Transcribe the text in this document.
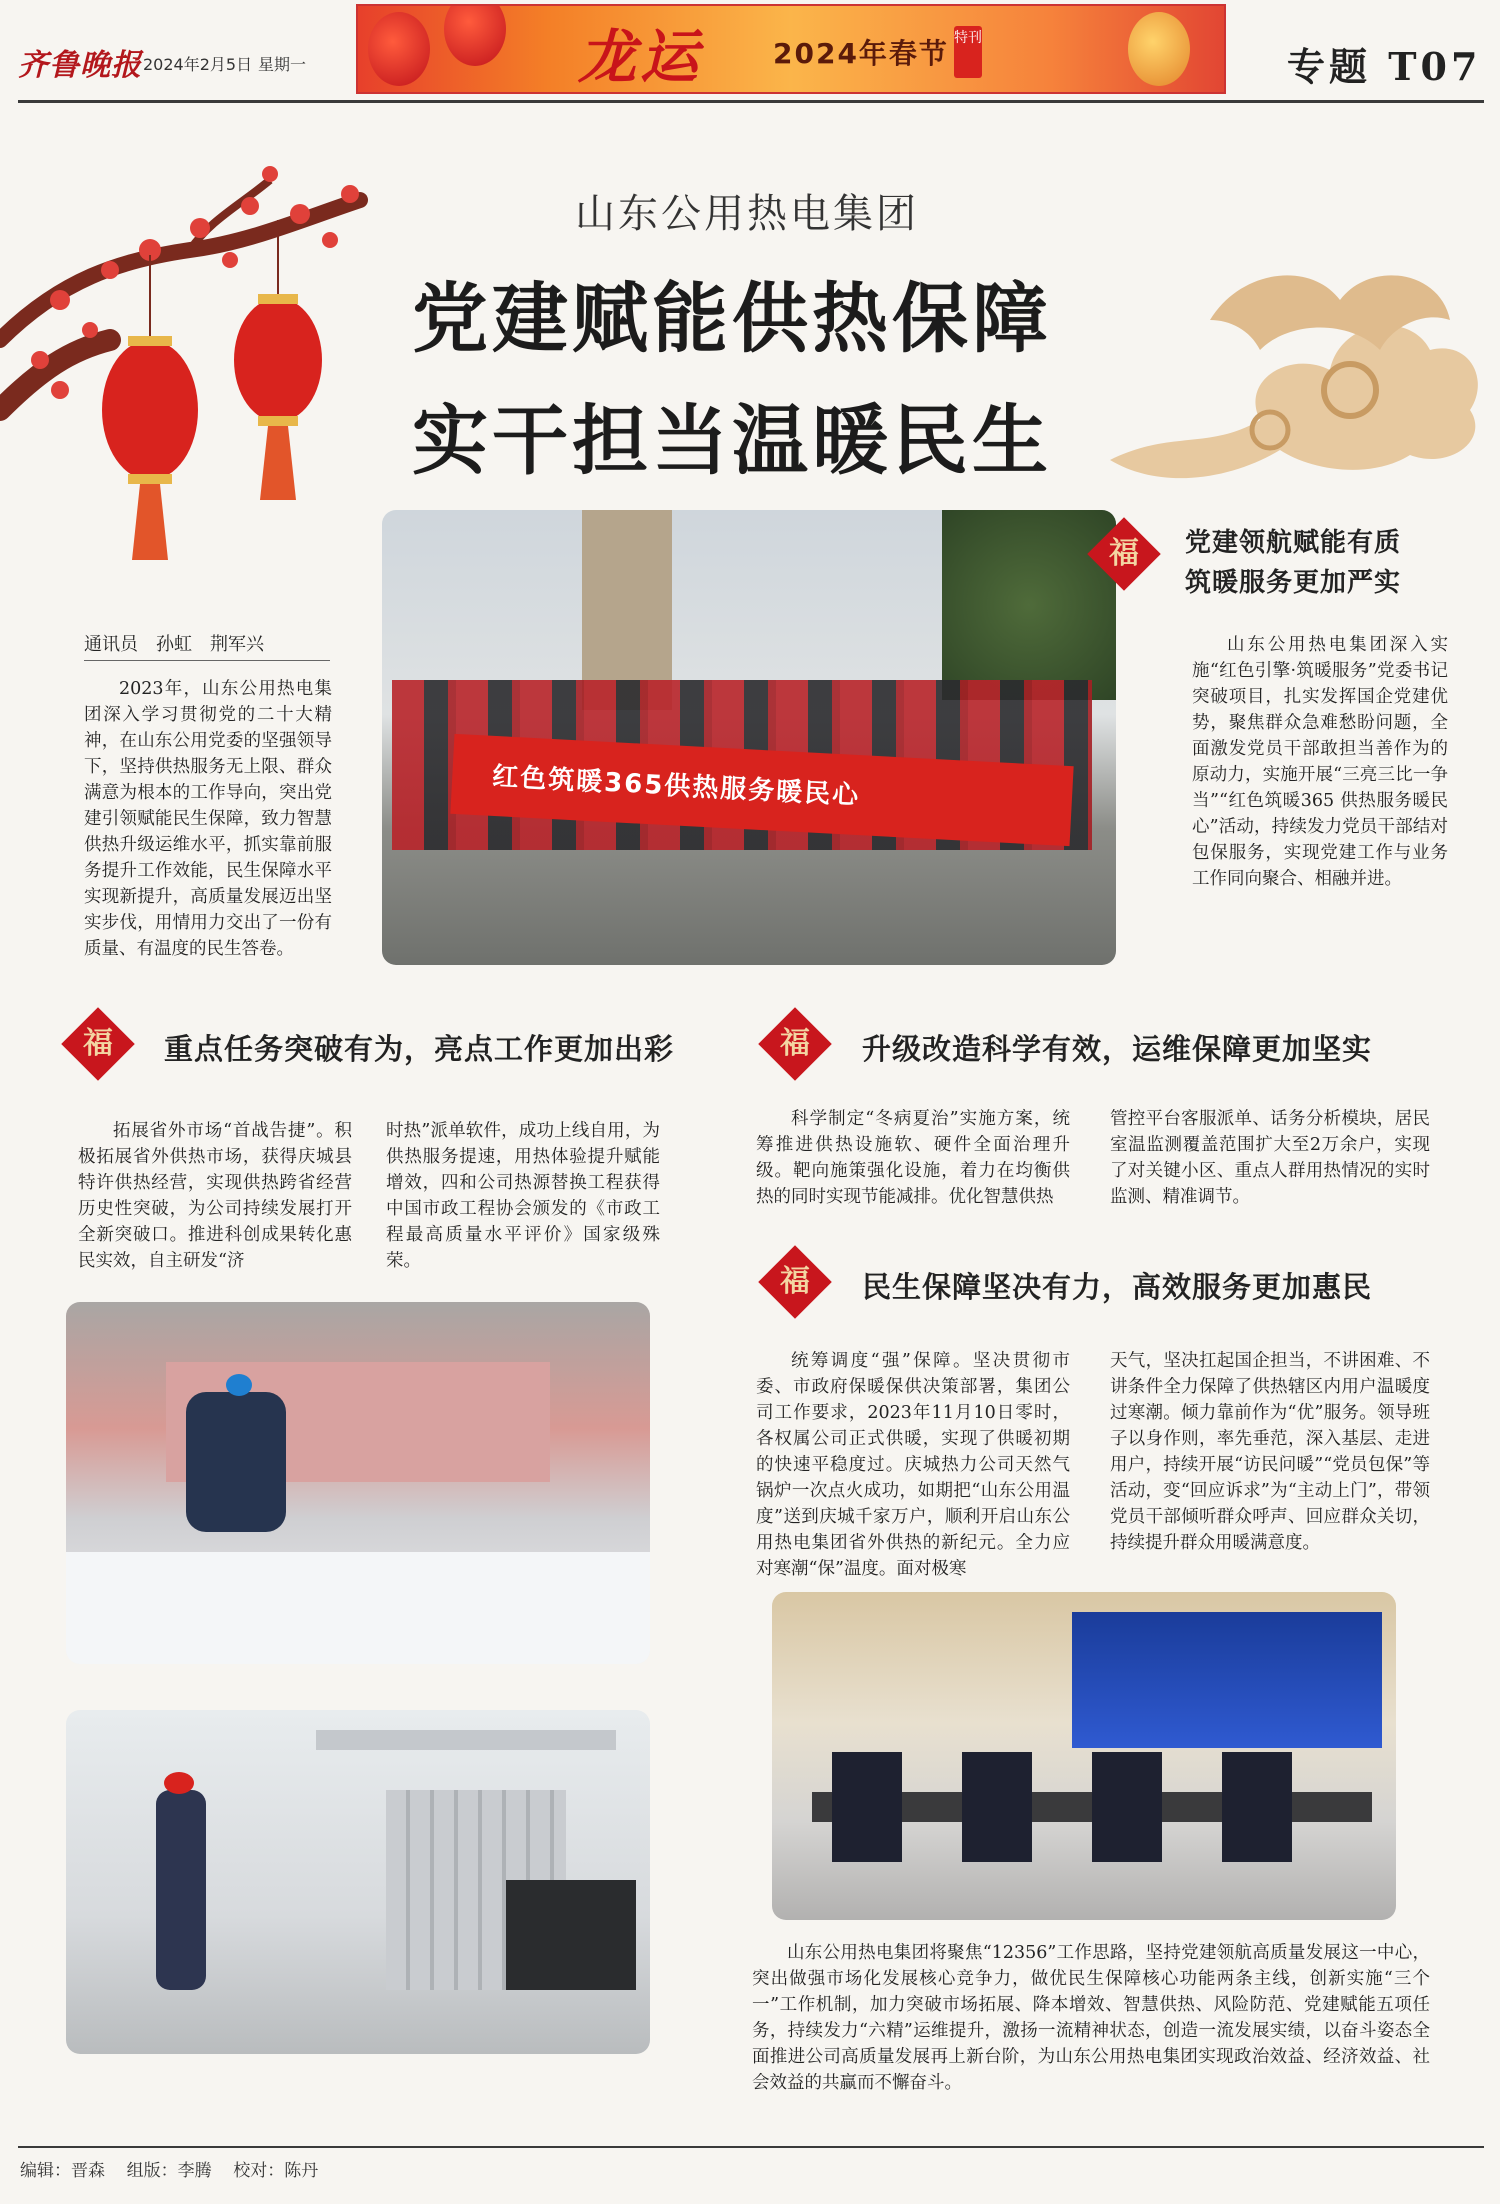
齐鲁晚报 2024年2月5日 星期一	龙运	2024年春节 特刊
专题 T07
山东公用热电集团
党建赋能供热保障
实干担当温暖民生
通讯员　孙虹　荆军兴
2023年，山东公用热电集团深入学习贯彻党的二十大精神，在山东公用党委的坚强领导下，坚持供热服务无上限、群众满意为根本的工作导向，突出党建引领赋能民生保障，致力智慧供热升级运维水平，抓实靠前服务提升工作效能，民生保障水平实现新提升，高质量发展迈出坚实步伐，用情用力交出了一份有质量、有温度的民生答卷。
红色筑暖365供热服务暖民心
福	党建领航赋能有质
筑暖服务更加严实
山东公用热电集团深入实施“红色引擎·筑暖服务”党委书记突破项目，扎实发挥国企党建优势，聚焦群众急难愁盼问题，全面激发党员干部敢担当善作为的原动力，实施开展“三亮三比一争当”“红色筑暖365 供热服务暖民心”活动，持续发力党员干部结对包保服务，实现党建工作与业务工作同向聚合、相融并进。
福	重点任务突破有为，亮点工作更加出彩
拓展省外市场“首战告捷”。积极拓展省外供热市场，获得庆城县特许供热经营，实现供热跨省经营历史性突破，为公司持续发展打开全新突破口。推进科创成果转化惠民实效，自主研发“济
时热”派单软件，成功上线自用，为供热服务提速，用热体验提升赋能增效，四和公司热源替换工程获得中国市政工程协会颁发的《市政工程最高质量水平评价》国家级殊荣。
福	升级改造科学有效，运维保障更加坚实
科学制定“冬病夏治”实施方案，统筹推进供热设施软、硬件全面治理升级。靶向施策强化设施，着力在均衡供热的同时实现节能减排。优化智慧供热
管控平台客服派单、话务分析模块，居民室温监测覆盖范围扩大至2万余户，实现了对关键小区、重点人群用热情况的实时监测、精准调节。
福	民生保障坚决有力，高效服务更加惠民
统筹调度“强”保障。坚决贯彻市委、市政府保暖保供决策部署，集团公司工作要求，2023年11月10日零时，各权属公司正式供暖，实现了供暖初期的快速平稳度过。庆城热力公司天然气锅炉一次点火成功，如期把“山东公用温度”送到庆城千家万户，顺利开启山东公用热电集团省外供热的新纪元。全力应对寒潮“保”温度。面对极寒
天气，坚决扛起国企担当，不讲困难、不讲条件全力保障了供热辖区内用户温暖度过寒潮。倾力靠前作为“优”服务。领导班子以身作则，率先垂范，深入基层、走进用户，持续开展“访民问暖”“党员包保”等活动，变“回应诉求”为“主动上门”，带领党员干部倾听群众呼声、回应群众关切，持续提升群众用暖满意度。
山东公用热电集团将聚焦“12356”工作思路，坚持党建领航高质量发展这一中心，突出做强市场化发展核心竞争力，做优民生保障核心功能两条主线，创新实施“三个一”工作机制，加力突破市场拓展、降本增效、智慧供热、风险防范、党建赋能五项任务，持续发力“六精”运维提升，激扬一流精神状态，创造一流发展实绩，以奋斗姿态全面推进公司高质量发展再上新台阶，为山东公用热电集团实现政治效益、经济效益、社会效益的共赢而不懈奋斗。
编辑：晋森 组版：李腾 校对：陈丹
